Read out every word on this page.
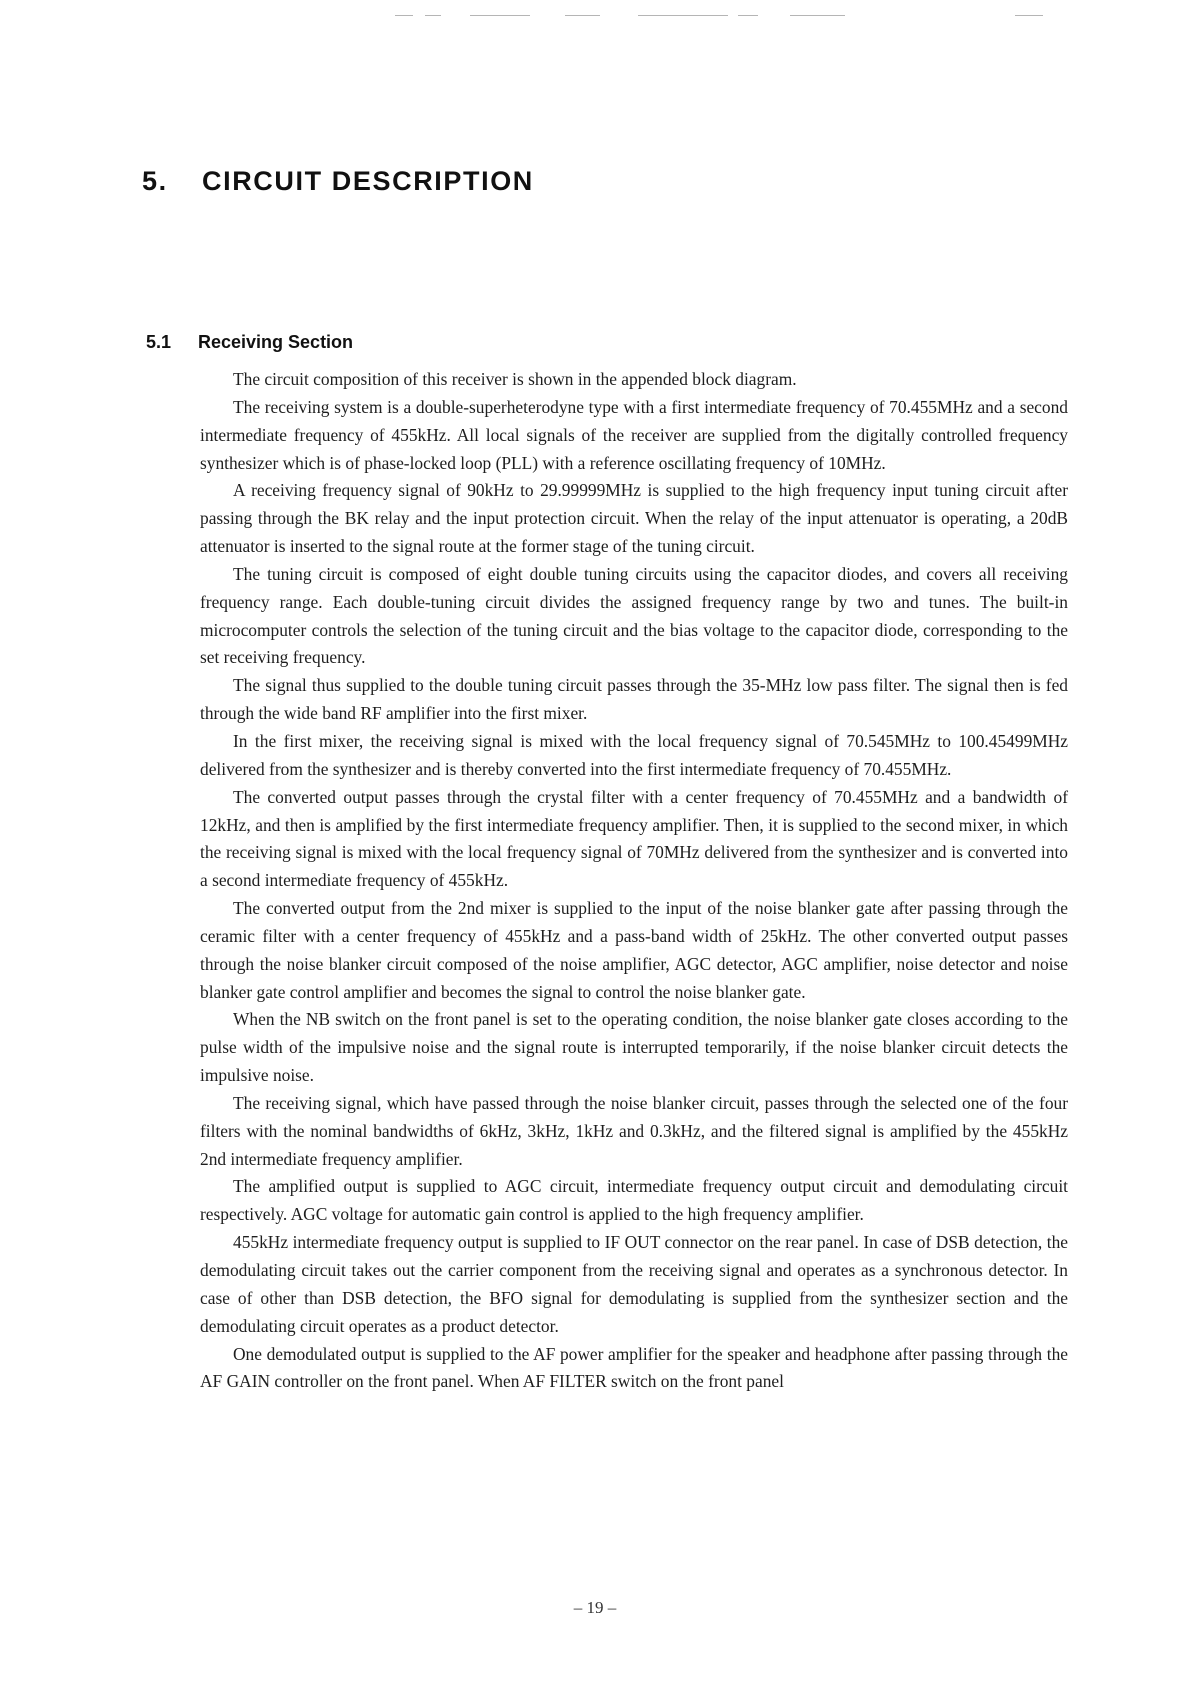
5. CIRCUIT DESCRIPTION
5.1 Receiving Section

The circuit composition of this receiver is shown in the appended block diagram.

The receiving system is a double-superheterodyne type with a first intermediate frequency of 70.455MHz and a second intermediate frequency of 455kHz. All local signals of the receiver are supplied from the digitally controlled frequency synthesizer which is of phase-locked loop (PLL) with a reference oscillating frequency of 10MHz.

A receiving frequency signal of 90kHz to 29.99999MHz is supplied to the high frequency input tuning circuit after passing through the BK relay and the input protection circuit. When the relay of the input attenuator is operating, a 20dB attenuator is inserted to the signal route at the former stage of the tuning circuit.

The tuning circuit is composed of eight double tuning circuits using the capacitor diodes, and covers all receiving frequency range. Each double-tuning circuit divides the assigned frequency range by two and tunes. The built-in microcomputer controls the selection of the tuning circuit and the bias voltage to the capacitor diode, corresponding to the set receiving frequency.

The signal thus supplied to the double tuning circuit passes through the 35-MHz low pass filter. The signal then is fed through the wide band RF amplifier into the first mixer.

In the first mixer, the receiving signal is mixed with the local frequency signal of 70.545MHz to 100.45499MHz delivered from the synthesizer and is thereby converted into the first intermediate frequency of 70.455MHz.

The converted output passes through the crystal filter with a center frequency of 70.455MHz and a bandwidth of 12kHz, and then is amplified by the first intermediate frequency amplifier. Then, it is supplied to the second mixer, in which the receiving signal is mixed with the local frequency signal of 70MHz delivered from the synthesizer and is converted into a second intermediate frequency of 455kHz.

The converted output from the 2nd mixer is supplied to the input of the noise blanker gate after passing through the ceramic filter with a center frequency of 455kHz and a pass-band width of 25kHz. The other converted output passes through the noise blanker circuit composed of the noise amplifier, AGC detector, AGC amplifier, noise detector and noise blanker gate control amplifier and becomes the signal to control the noise blanker gate.

When the NB switch on the front panel is set to the operating condition, the noise blanker gate closes according to the pulse width of the impulsive noise and the signal route is interrupted temporarily, if the noise blanker circuit detects the impulsive noise.

The receiving signal, which have passed through the noise blanker circuit, passes through the selected one of the four filters with the nominal bandwidths of 6kHz, 3kHz, 1kHz and 0.3kHz, and the filtered signal is amplified by the 455kHz 2nd intermediate frequency amplifier.

The amplified output is supplied to AGC circuit, intermediate frequency output circuit and demodulating circuit respectively. AGC voltage for automatic gain control is applied to the high frequency amplifier.

455kHz intermediate frequency output is supplied to IF OUT connector on the rear panel. In case of DSB detection, the demodulating circuit takes out the carrier component from the receiving signal and operates as a synchronous detector. In case of other than DSB detection, the BFO signal for demodulating is supplied from the synthesizer section and the demodulating circuit operates as a product detector.

One demodulated output is supplied to the AF power amplifier for the speaker and headphone after passing through the AF GAIN controller on the front panel. When AF FILTER switch on the front panel

– 19 –
